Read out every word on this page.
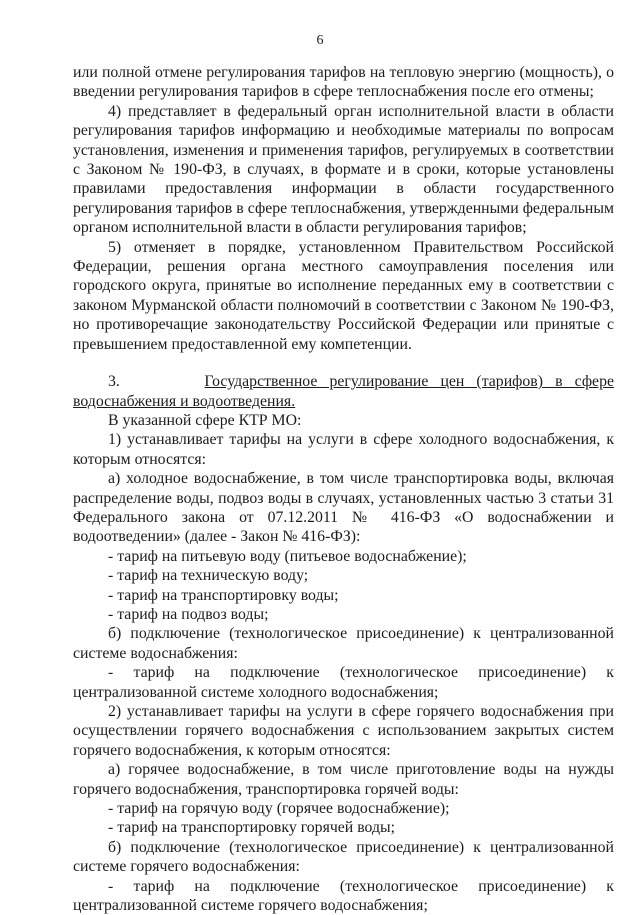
6

или полной отмене регулирования тарифов на тепловую энергию (мощность), о введении регулирования тарифов в сфере теплоснабжения после его отмены;

4) представляет в федеральный орган исполнительной власти в области регулирования тарифов информацию и необходимые материалы по вопросам установления, изменения и применения тарифов, регулируемых в соответствии с Законом № 190-ФЗ, в случаях, в формате и в сроки, которые установлены правилами предоставления информации в области государственного регулирования тарифов в сфере теплоснабжения, утвержденными федеральным органом исполнительной власти в области регулирования тарифов;

5) отменяет в порядке, установленном Правительством Российской Федерации, решения органа местного самоуправления поселения или городского округа, принятые во исполнение переданных ему в соответствии с законом Мурманской области полномочий в соответствии с Законом № 190-ФЗ, но противоречащие законодательству Российской Федерации или принятые с превышением предоставленной ему компетенции.

3.	Государственное регулирование цен (тарифов) в сфере водоснабжения и водоотведения.

В указанной сфере КТР МО:

1) устанавливает тарифы на услуги в сфере холодного водоснабжения, к которым относятся:

а) холодное водоснабжение, в том числе транспортировка воды, включая распределение воды, подвоз воды в случаях, установленных частью 3 статьи 31 Федерального закона от 07.12.2011 № 416-ФЗ «О водоснабжении и водоотведении» (далее - Закон № 416-ФЗ):

- тариф на питьевую воду (питьевое водоснабжение);

- тариф на техническую воду;

- тариф на транспортировку воды;

- тариф на подвоз воды;

б) подключение (технологическое присоединение) к централизованной системе водоснабжения:

- тариф на подключение (технологическое присоединение) к централизованной системе холодного водоснабжения;

2) устанавливает тарифы на услуги в сфере горячего водоснабжения при осуществлении горячего водоснабжения с использованием закрытых систем горячего водоснабжения, к которым относятся:

а) горячее водоснабжение, в том числе приготовление воды на нужды горячего водоснабжения, транспортировка горячей воды:

- тариф на горячую воду (горячее водоснабжение);

- тариф на транспортировку горячей воды;

б) подключение (технологическое присоединение) к централизованной системе горячего водоснабжения:

- тариф на подключение (технологическое присоединение) к централизованной системе горячего водоснабжения;
